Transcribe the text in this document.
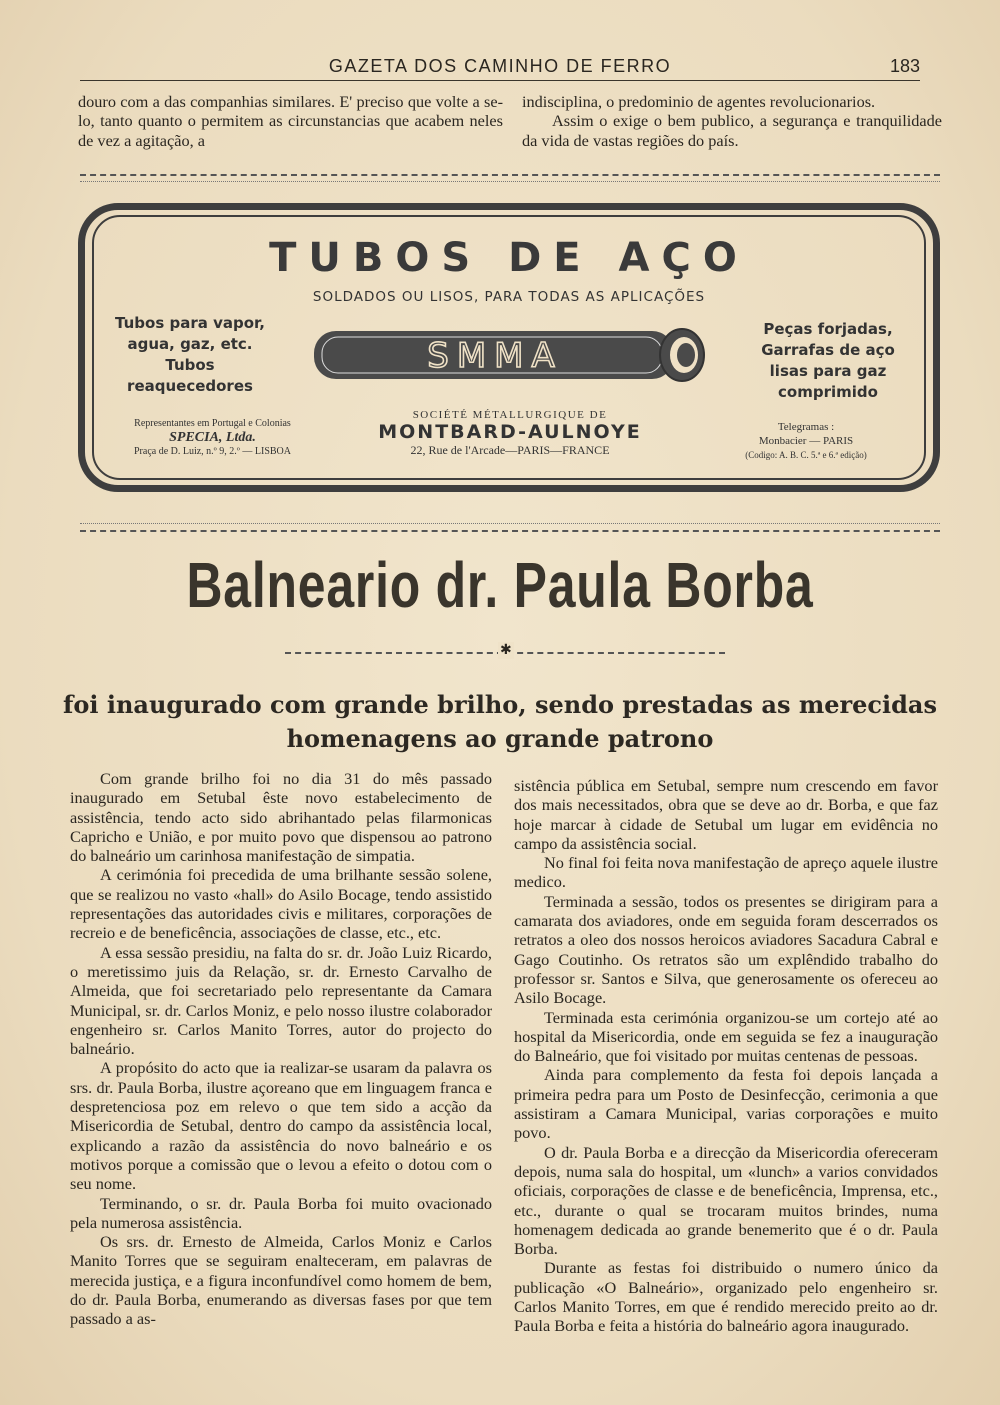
GAZETA DOS CAMINHO DE FERRO	183

douro com a das companhias similares. E' preciso que volte a se-lo, tanto quanto o permitem as circunstancias que acabem neles de vez a agitação, a

indisciplina, o predominio de agentes revolucionarios.

Assim o exige o bem publico, a segurança e tranquilidade da vida de vastas regiões do país.

TUBOS DE AÇO
SOLDADOS OU LISOS, PARA TODAS AS APLICAÇÕES
Tubos para vapor,
agua, gaz, etc.
Tubos
reaquecedores
SMMA
Peças forjadas,
Garrafas de aço
lisas para gaz
comprimido
Representantes em Portugal e Colonias
SPECIA, Ltda.
Praça de D. Luiz, n.º 9, 2.º — LISBOA
SOCIÉTÉ MÉTALLURGIQUE DE
MONTBARD-AULNOYE
22, Rue de l'Arcade—PARIS—FRANCE
Telegramas :
Monbacier — PARIS
(Codigo: A. B. C. 5.ª e 6.ª edição)
Balneario dr. Paula Borba
✱
foi inaugurado com grande brilho, sendo prestadas as merecidas
homenagens ao grande patrono

Com grande brilho foi no dia 31 do mês passado inaugurado em Setubal êste novo estabelecimento de assistência, tendo acto sido abrihantado pelas filarmonicas Capricho e União, e por muito povo que dispensou ao patrono do balneário um carinhosa manifestação de simpatia.

A cerimónia foi precedida de uma brilhante sessão solene, que se realizou no vasto «hall» do Asilo Bocage, tendo assistido representações das autoridades civis e militares, corporações de recreio e de beneficência, associações de classe, etc., etc.

A essa sessão presidiu, na falta do sr. dr. João Luiz Ricardo, o meretissimo juis da Relação, sr. dr. Ernesto Carvalho de Almeida, que foi secretariado pelo representante da Camara Municipal, sr. dr. Carlos Moniz, e pelo nosso ilustre colaborador engenheiro sr. Carlos Manito Torres, autor do projecto do balneário.

A propósito do acto que ia realizar-se usaram da palavra os srs. dr. Paula Borba, ilustre açoreano que em linguagem franca e despretenciosa poz em relevo o que tem sido a acção da Misericordia de Setubal, dentro do campo da assistência local, explicando a razão da assistência do novo balneário e os motivos porque a comissão que o levou a efeito o dotou com o seu nome.

Terminando, o sr. dr. Paula Borba foi muito ovacionado pela numerosa assistência.

Os srs. dr. Ernesto de Almeida, Carlos Moniz e Carlos Manito Torres que se seguiram enalteceram, em palavras de merecida justiça, e a figura inconfundível como homem de bem, do dr. Paula Borba, enumerando as diversas fases por que tem passado a as-

sistência pública em Setubal, sempre num crescendo em favor dos mais necessitados, obra que se deve ao dr. Borba, e que faz hoje marcar à cidade de Setubal um lugar em evidência no campo da assistência social.

No final foi feita nova manifestação de apreço aquele ilustre medico.

Terminada a sessão, todos os presentes se dirigiram para a camarata dos aviadores, onde em seguida foram descerrados os retratos a oleo dos nossos heroicos aviadores Sacadura Cabral e Gago Coutinho. Os retratos são um explêndido trabalho do professor sr. Santos e Silva, que generosamente os ofereceu ao Asilo Bocage.

Terminada esta cerimónia organizou-se um cortejo até ao hospital da Misericordia, onde em seguida se fez a inauguração do Balneário, que foi visitado por muitas centenas de pessoas.

Ainda para complemento da festa foi depois lançada a primeira pedra para um Posto de Desinfecção, cerimonia a que assistiram a Camara Municipal, varias corporações e muito povo.

O dr. Paula Borba e a direcção da Misericordia ofereceram depois, numa sala do hospital, um «lunch» a varios convidados oficiais, corporações de classe e de beneficência, Imprensa, etc., etc., durante o qual se trocaram muitos brindes, numa homenagem dedicada ao grande benemerito que é o dr. Paula Borba.

Durante as festas foi distribuido o numero único da publicação «O Balneário», organizado pelo engenheiro sr. Carlos Manito Torres, em que é rendido merecido preito ao dr. Paula Borba e feita a história do balneário agora inaugurado.
